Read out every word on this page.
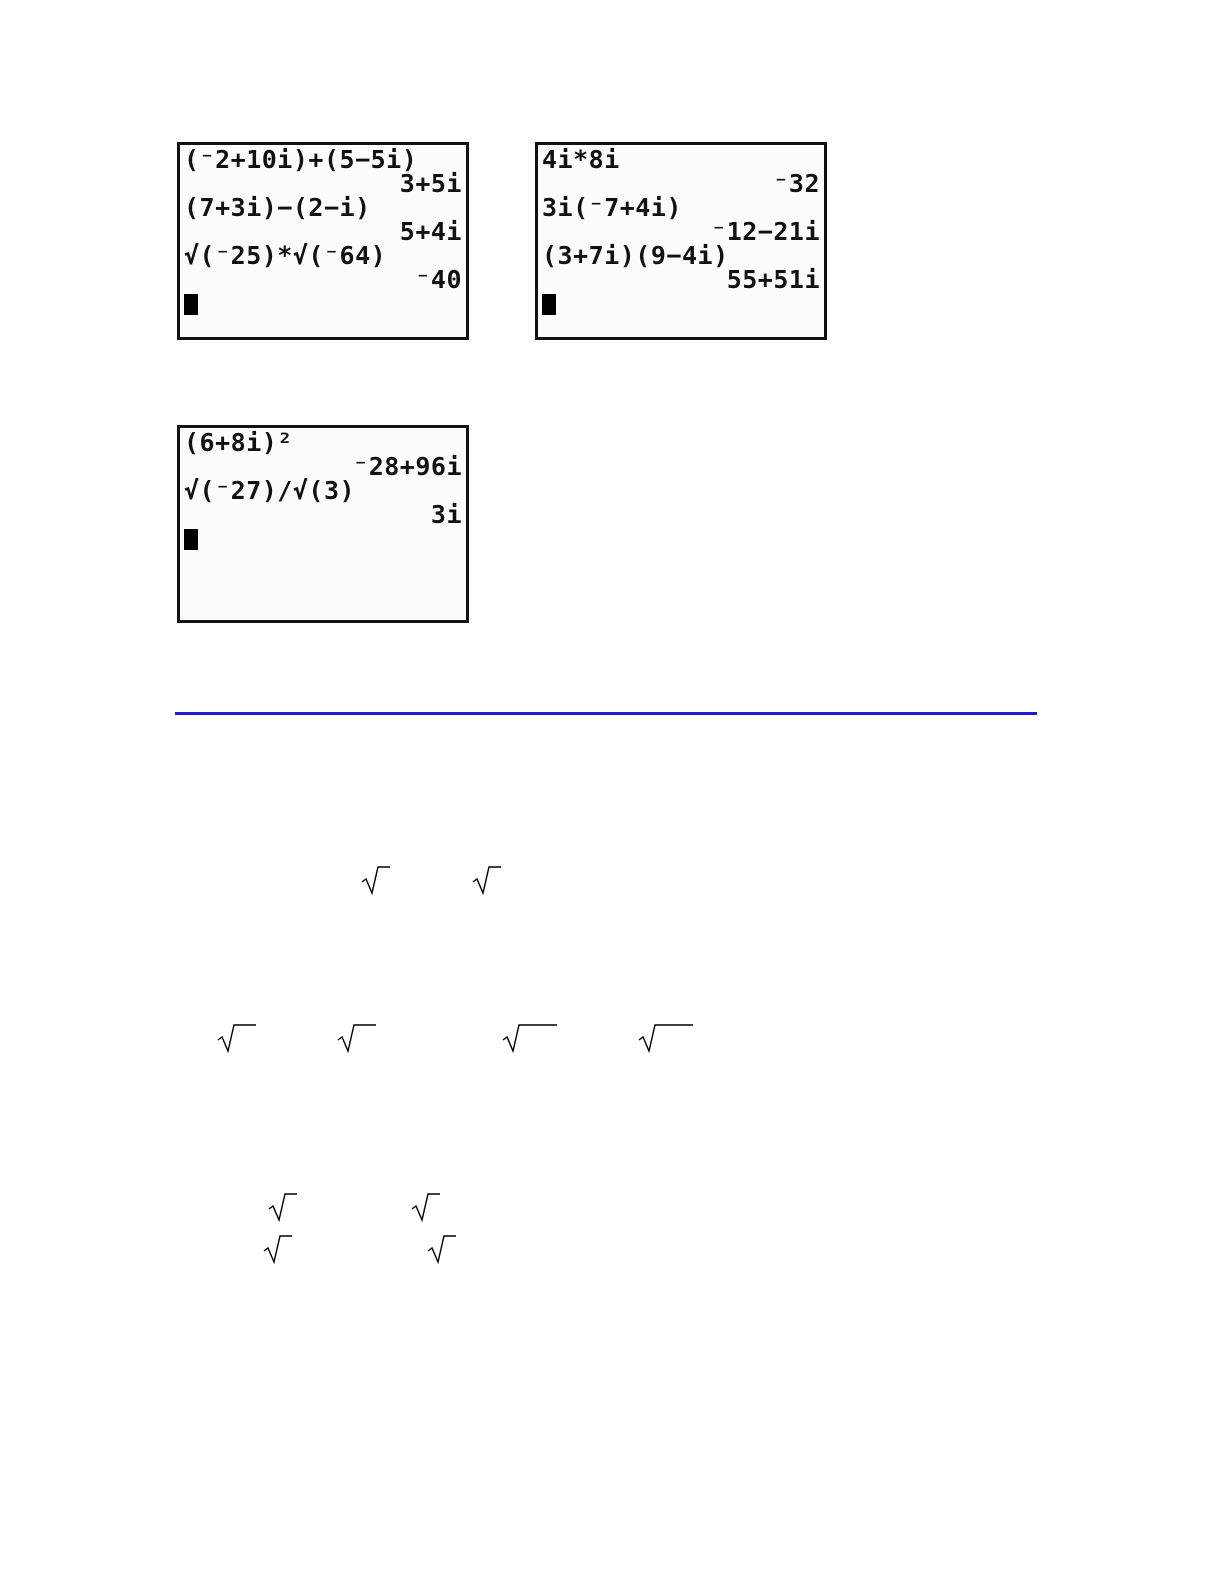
(⁻2+10i)+(5−5i)
3+5i
(7+3i)−(2−i)
5+4i
√(⁻25)*√(⁻64)
⁻40
4i*8i
⁻32
3i(⁻7+4i)
⁻12−21i
(3+7i)(9−4i)
55+51i
(6+8i)²
⁻28+96i
√(⁻27)/√(3)
3i
